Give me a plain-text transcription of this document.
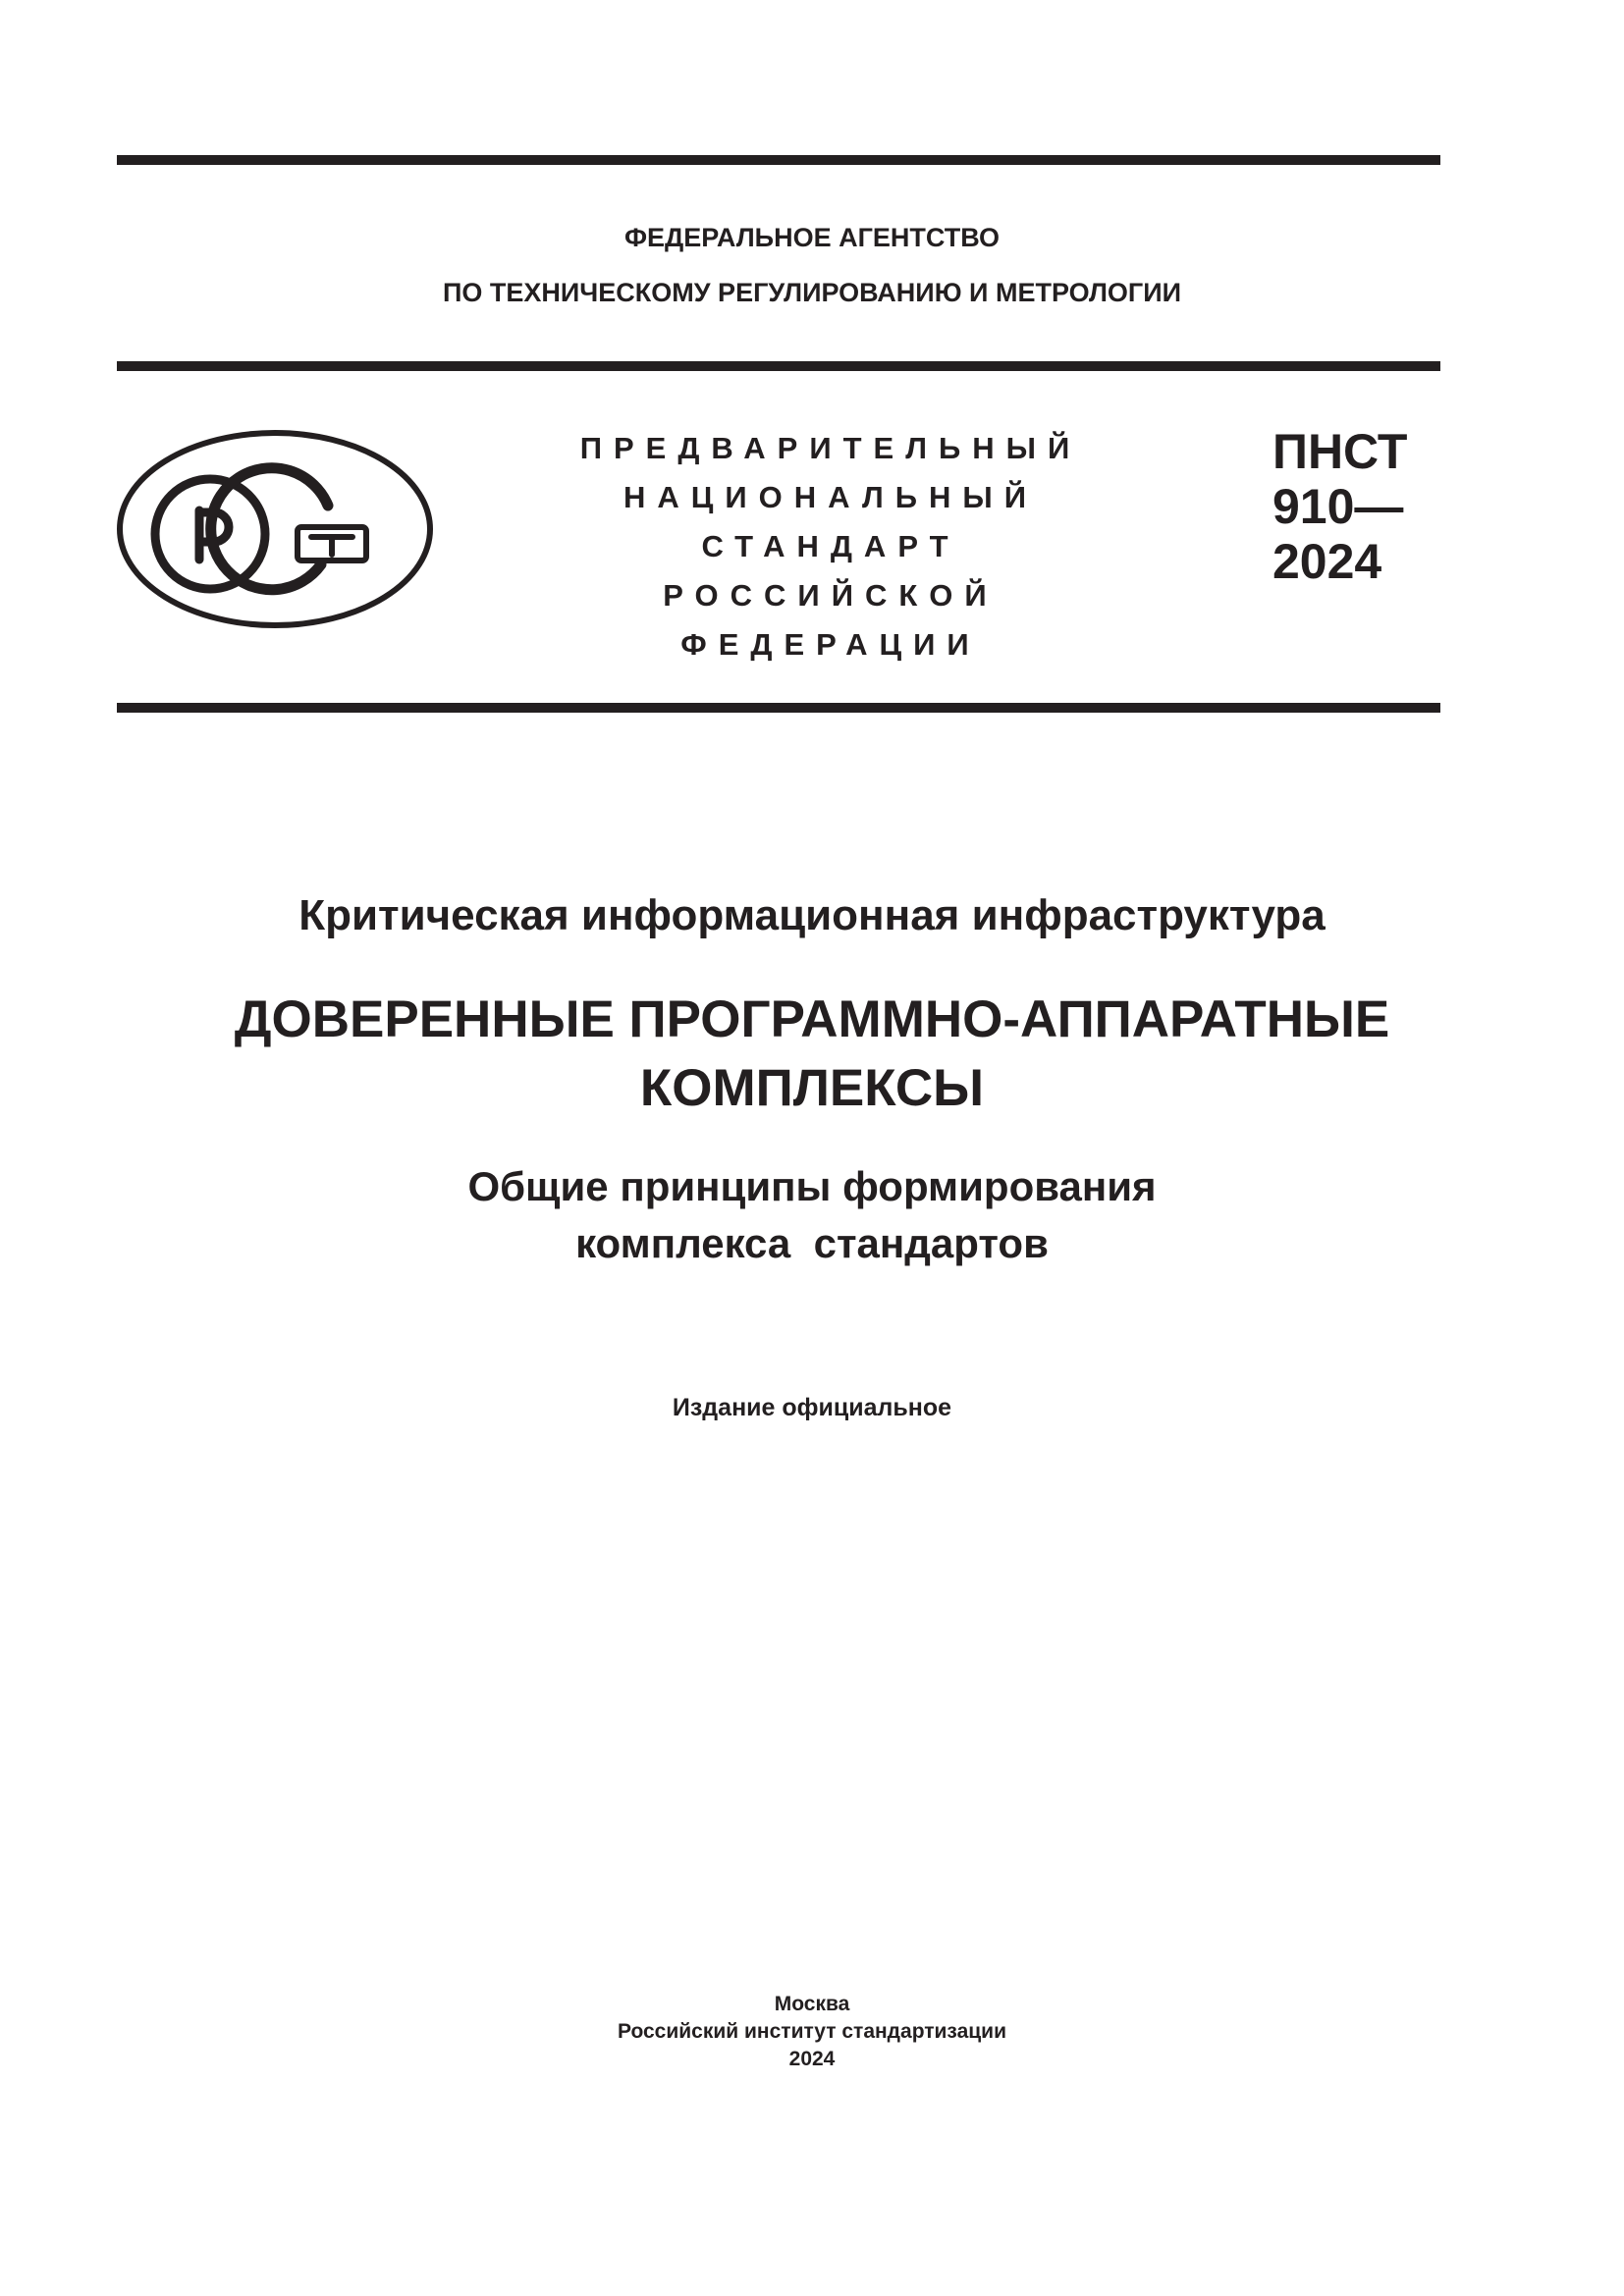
ФЕДЕРАЛЬНОЕ АГЕНТСТВО
ПО ТЕХНИЧЕСКОМУ РЕГУЛИРОВАНИЮ И МЕТРОЛОГИИ
ПРЕДВАРИТЕЛЬНЫЙ
НАЦИОНАЛЬНЫЙ
СТАНДАРТ
РОССИЙСКОЙ
ФЕДЕРАЦИИ
ПНСТ
910—
2024
Критическая информационная инфраструктура
ДОВЕРЕННЫЕ ПРОГРАММНО-АППАРАТНЫЕ
КОМПЛЕКСЫ
Общие принципы формирования
комплекса  стандартов
Издание официальное
Москва
Российский институт стандартизации
2024
